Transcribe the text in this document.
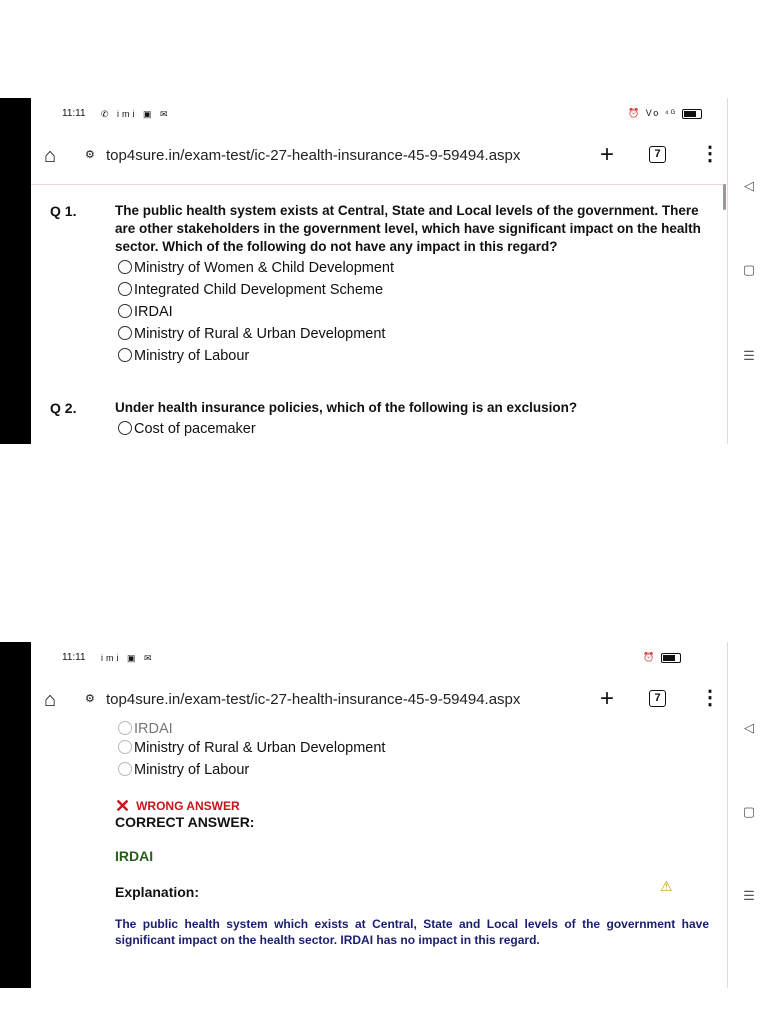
11:11 ✆ imi ▣ ✉	⏰ Vo ⁴ᴳ
⌂	⚙ top4sure.in/exam-test/ic-27-health-insurance-45-9-59494.aspx	+	7 ⋮
◁
▢
☰
Q 1.	The public health system exists at Central, State and Local levels of the government. There are other stakeholders in the government level, which have significant impact on the health sector. Which of the following do not have any impact in this regard?
Ministry of Women & Child Development
Integrated Child Development Scheme
IRDAI
Ministry of Rural & Urban Development
Ministry of Labour
Q 2.	Under health insurance policies, which of the following is an exclusion?
Cost of pacemaker
11:11 imi ▣ ✉	⏰
⌂	⚙ top4sure.in/exam-test/ic-27-health-insurance-45-9-59494.aspx	+	7 ⋮
◁
▢
☰
IRDAI
Ministry of Rural & Urban Development
Ministry of Labour
✕ WRONG ANSWER
CORRECT ANSWER:
IRDAI
Explanation:	⚠
The public health system which exists at Central, State and Local levels of the government have significant impact on the health sector. IRDAI has no impact in this regard.
